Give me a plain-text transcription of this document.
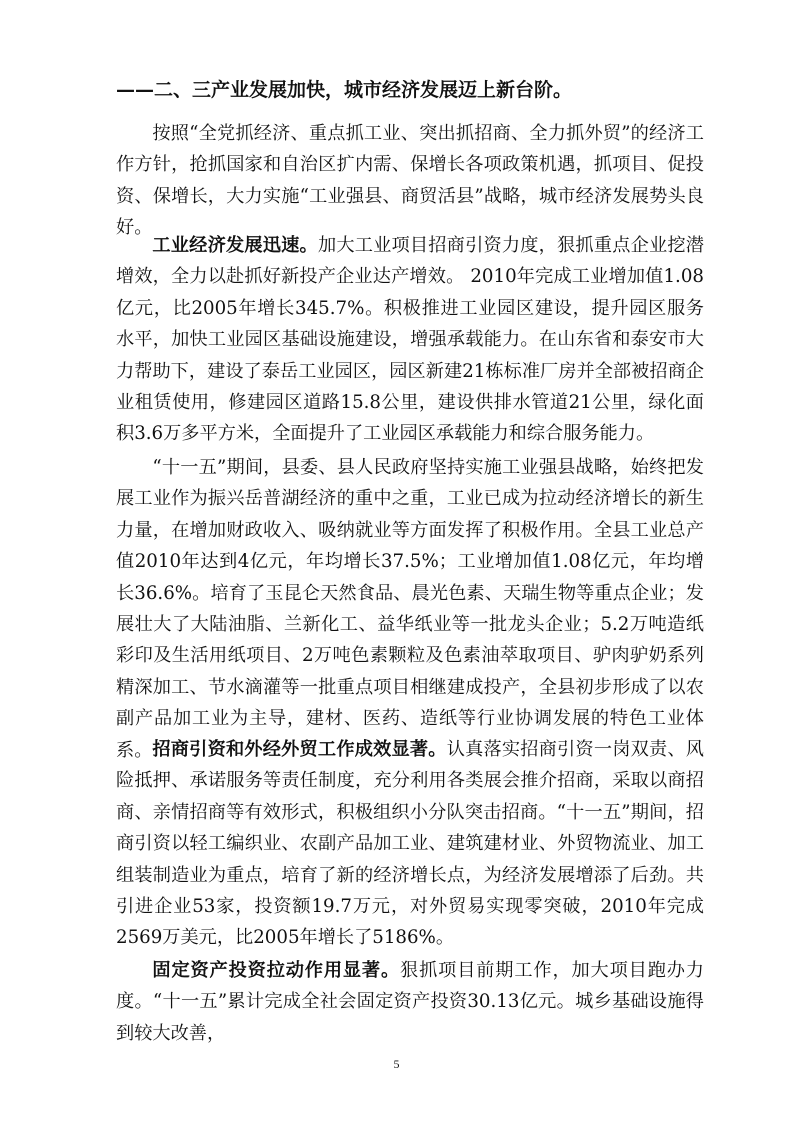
——二、三产业发展加快，城市经济发展迈上新台阶。

按照“全党抓经济、重点抓工业、突出抓招商、全力抓外贸”的经济工作方针，抢抓国家和自治区扩内需、保增长各项政策机遇，抓项目、促投资、保增长，大力实施“工业强县、商贸活县”战略，城市经济发展势头良好。

工业经济发展迅速。加大工业项目招商引资力度，狠抓重点企业挖潜增效，全力以赴抓好新投产企业达产增效。 2010年完成工业增加值1.08亿元，比2005年增长345.7%。积极推进工业园区建设，提升园区服务水平，加快工业园区基础设施建设，增强承载能力。在山东省和泰安市大力帮助下，建设了泰岳工业园区，园区新建21栋标准厂房并全部被招商企业租赁使用，修建园区道路15.8公里，建设供排水管道21公里，绿化面积3.6万多平方米，全面提升了工业园区承载能力和综合服务能力。

“十一五”期间，县委、县人民政府坚持实施工业强县战略，始终把发展工业作为振兴岳普湖经济的重中之重，工业已成为拉动经济增长的新生力量，在增加财政收入、吸纳就业等方面发挥了积极作用。全县工业总产值2010年达到4亿元，年均增长37.5%；工业增加值1.08亿元，年均增长36.6%。培育了玉昆仑天然食品、晨光色素、天瑞生物等重点企业；发展壮大了大陆油脂、兰新化工、益华纸业等一批龙头企业；5.2万吨造纸彩印及生活用纸项目、2万吨色素颗粒及色素油萃取项目、驴肉驴奶系列精深加工、节水滴灌等一批重点项目相继建成投产，全县初步形成了以农副产品加工业为主导，建材、医药、造纸等行业协调发展的特色工业体系。 招商引资和外经外贸工作成效显著。认真落实招商引资一岗双责、风险抵押、承诺服务等责任制度，充分利用各类展会推介招商，采取以商招商、亲情招商等有效形式，积极组织小分队突击招商。“十一五”期间，招商引资以轻工编织业、农副产品加工业、建筑建材业、外贸物流业、加工组装制造业为重点，培育了新的经济增长点，为经济发展增添了后劲。共引进企业53家，投资额19.7万元，对外贸易实现零突破，2010年完成2569万美元，比2005年增长了5186%。

固定资产投资拉动作用显著。狠抓项目前期工作，加大项目跑办力度。“十一五”累计完成全社会固定资产投资30.13亿元。城乡基础设施得到较大改善，

5
